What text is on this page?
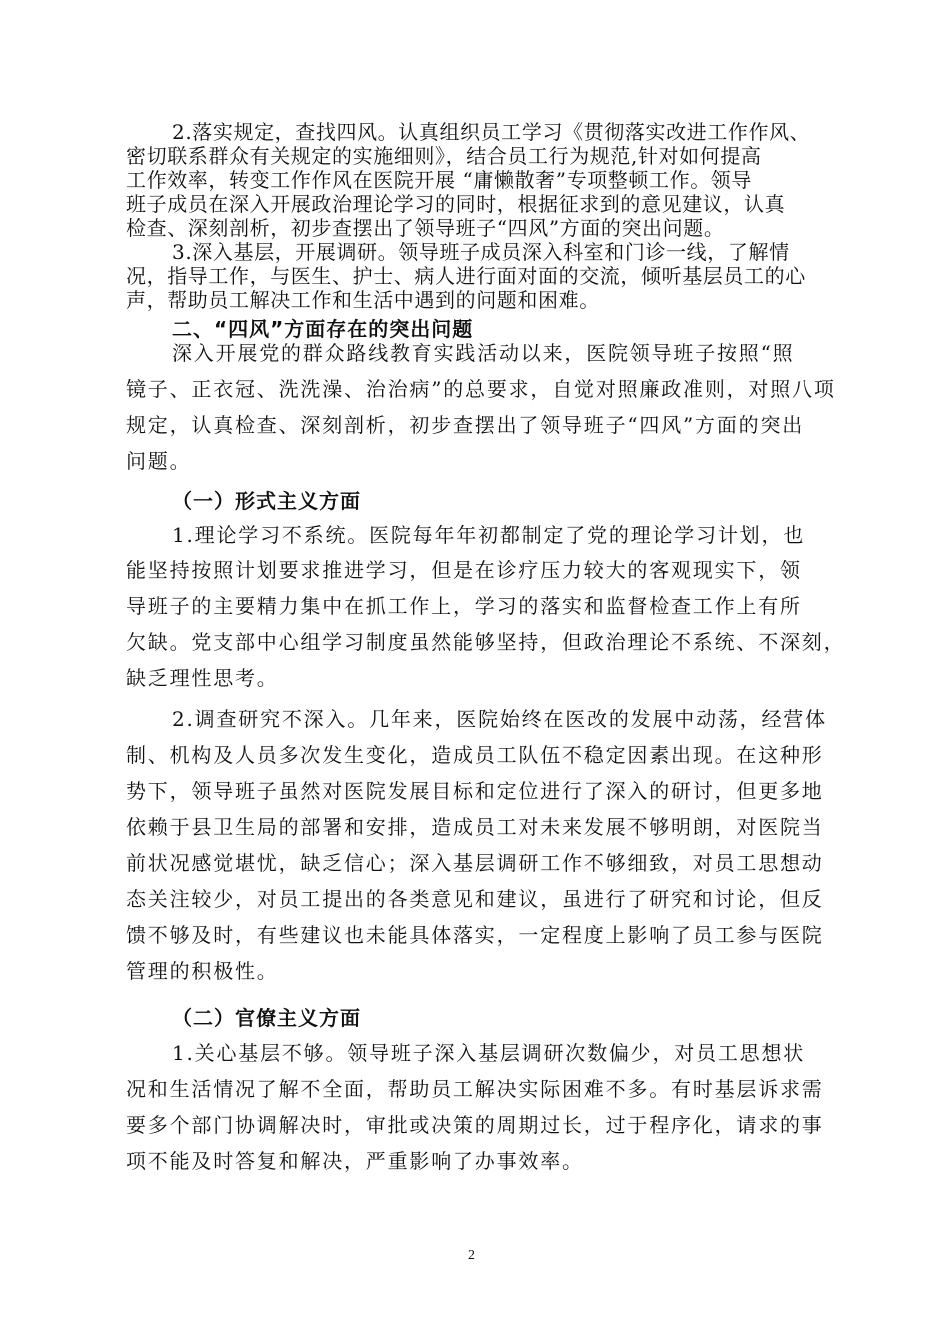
2.落实规定，查找四风。认真组织员工学习《贯彻落实改进工作作风、
密切联系群众有关规定的实施细则》，结合员工行为规范,针对如何提高
工作效率，转变工作作风在医院开展 “庸懒散奢”专项整顿工作。领导
班子成员在深入开展政治理论学习的同时，根据征求到的意见建议，认真
检查、深刻剖析，初步查摆出了领导班子“四风”方面的突出问题。
3.深入基层，开展调研。领导班子成员深入科室和门诊一线，了解情
况，指导工作，与医生、护士、病人进行面对面的交流，倾听基层员工的心
声，帮助员工解决工作和生活中遇到的问题和困难。
二、“四风”方面存在的突出问题
深入开展党的群众路线教育实践活动以来，医院领导班子按照“照
镜子、正衣冠、洗洗澡、治治病”的总要求，自觉对照廉政准则，对照八项
规定，认真检查、深刻剖析，初步查摆出了领导班子“四风”方面的突出
问题。
（一）形式主义方面
1.理论学习不系统。医院每年年初都制定了党的理论学习计划，也
能坚持按照计划要求推进学习，但是在诊疗压力较大的客观现实下，领
导班子的主要精力集中在抓工作上，学习的落实和监督检查工作上有所
欠缺。党支部中心组学习制度虽然能够坚持，但政治理论不系统、不深刻，
缺乏理性思考。
2.调查研究不深入。几年来，医院始终在医改的发展中动荡，经营体
制、机构及人员多次发生变化，造成员工队伍不稳定因素出现。在这种形
势下，领导班子虽然对医院发展目标和定位进行了深入的研讨，但更多地
依赖于县卫生局的部署和安排，造成员工对未来发展不够明朗，对医院当
前状况感觉堪忧，缺乏信心；深入基层调研工作不够细致，对员工思想动
态关注较少，对员工提出的各类意见和建议，虽进行了研究和讨论，但反
馈不够及时，有些建议也未能具体落实，一定程度上影响了员工参与医院
管理的积极性。
（二）官僚主义方面
1.关心基层不够。领导班子深入基层调研次数偏少，对员工思想状
况和生活情况了解不全面，帮助员工解决实际困难不多。有时基层诉求需
要多个部门协调解决时，审批或决策的周期过长，过于程序化，请求的事
项不能及时答复和解决，严重影响了办事效率。
2
